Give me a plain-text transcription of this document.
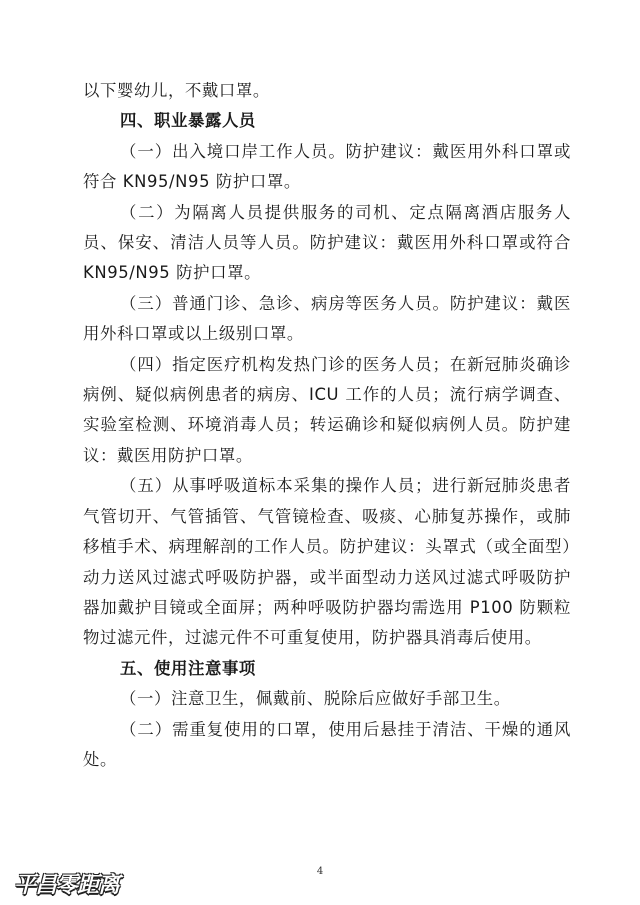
以下婴幼儿，不戴口罩。

四、职业暴露人员

（一）出入境口岸工作人员。防护建议：戴医用外科口罩或符合 KN95/N95 防护口罩。

（二）为隔离人员提供服务的司机、定点隔离酒店服务人员、保安、清洁人员等人员。防护建议：戴医用外科口罩或符合 KN95/N95 防护口罩。

（三）普通门诊、急诊、病房等医务人员。防护建议：戴医用外科口罩或以上级别口罩。

（四）指定医疗机构发热门诊的医务人员；在新冠肺炎确诊病例、疑似病例患者的病房、ICU 工作的人员；流行病学调查、实验室检测、环境消毒人员；转运确诊和疑似病例人员。防护建议：戴医用防护口罩。

（五）从事呼吸道标本采集的操作人员；进行新冠肺炎患者气管切开、气管插管、气管镜检查、吸痰、心肺复苏操作，或肺移植手术、病理解剖的工作人员。防护建议：头罩式（或全面型）动力送风过滤式呼吸防护器，或半面型动力送风过滤式呼吸防护器加戴护目镜或全面屏；两种呼吸防护器均需选用 P100 防颗粒物过滤元件，过滤元件不可重复使用，防护器具消毒后使用。

五、使用注意事项

（一）注意卫生，佩戴前、脱除后应做好手部卫生。

（二）需重复使用的口罩，使用后悬挂于清洁、干燥的通风处。

4
平昌零距离
